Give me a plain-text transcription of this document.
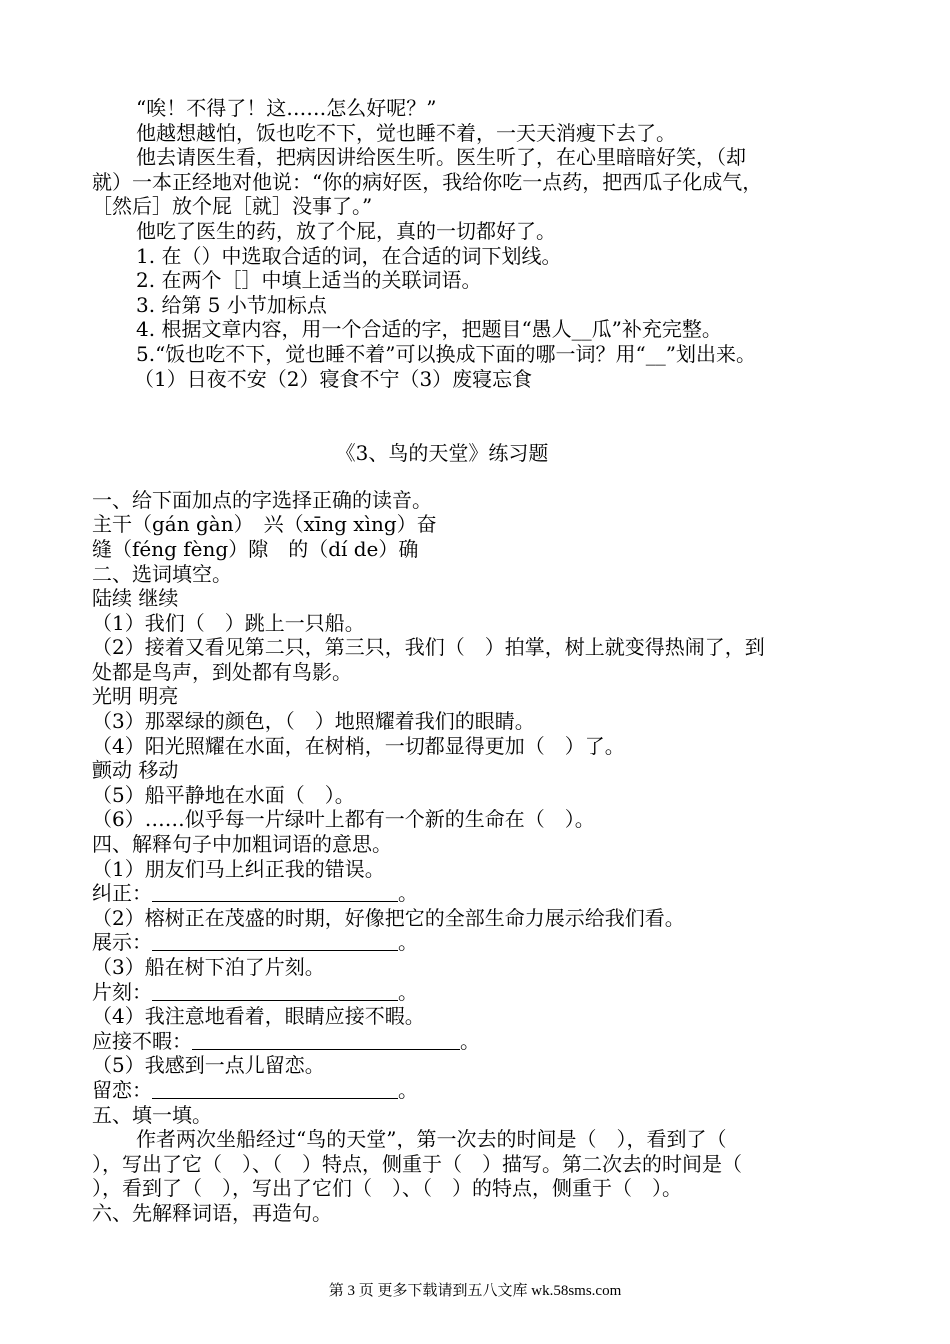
“唉！不得了！这……怎么好呢？”
他越想越怕，饭也吃不下，觉也睡不着，一天天消瘦下去了。
他去请医生看，把病因讲给医生听。医生听了，在心里暗暗好笑，（却
就）一本正经地对他说：“你的病好医，我给你吃一点药，把西瓜子化成气，
［然后］放个屁［就］没事了。”
他吃了医生的药，放了个屁，真的一切都好了。
1. 在（）中选取合适的词，在合适的词下划线。
2. 在两个［］中填上适当的关联词语。
3. 给第 5 小节加标点
4. 根据文章内容，用一个合适的字，把题目“愚人__瓜”补充完整。
5.“饭也吃不下，觉也睡不着”可以换成下面的哪一词？用“__”划出来。
（1）日夜不安（2）寝食不宁（3）废寝忘食
《3、鸟的天堂》练习题
一、给下面加点的字选择正确的读音。
主干（gán gàn）　兴（xīng xìng）奋
缝（féng fèng）隙　的（dí de）确
二、选词填空。
陆续 继续
（1）我们（　）跳上一只船。
（2）接着又看见第二只，第三只，我们（　）拍掌，树上就变得热闹了，到
处都是鸟声，到处都有鸟影。
光明 明亮
（3）那翠绿的颜色，（　）地照耀着我们的眼睛。
（4）阳光照耀在水面，在树梢，一切都显得更加（　）了。
颤动 移动
（5）船平静地在水面（　）。
（6）……似乎每一片绿叶上都有一个新的生命在（　）。
四、解释句子中加粗词语的意思。
（1）朋友们马上纠正我的错误。
纠正：	。
（2）榕树正在茂盛的时期，好像把它的全部生命力展示给我们看。
展示：	。
（3）船在树下泊了片刻。
片刻：	。
（4）我注意地看着，眼睛应接不暇。
应接不暇：	。
（5）我感到一点儿留恋。
留恋：	。
五、填一填。
作者两次坐船经过“鸟的天堂”，第一次去的时间是（　），看到了（
），写出了它（　）、（　）特点，侧重于（　）描写。第二次去的时间是（
），看到了（　），写出了它们（　）、（　）的特点，侧重于（　）。
六、先解释词语，再造句。
第 3 页 更多下载请到五八文库 wk.58sms.com
